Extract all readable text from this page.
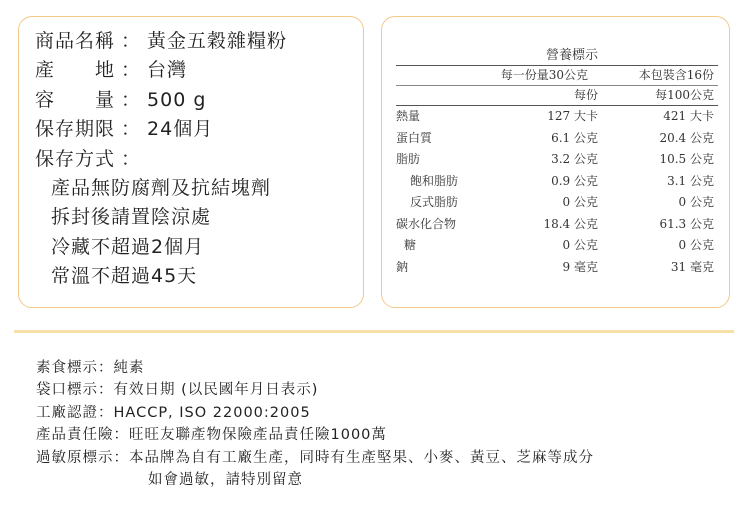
商品名稱 ： 黃金五穀雜糧粉
產　　地 ： 台灣
容　　量 ： 500 g
保存期限 ： 24個月
保存方式 ：
產品無防腐劑及抗結塊劑
拆封後請置陰涼處
冷藏不超過2個月
常溫不超過45天
營養標示
每一份量30公克	本包裝含16份
每份	每100公克
熱量	127 大卡	421 大卡
蛋白質	6.1 公克	20.4 公克
脂肪	3.2 公克	10.5 公克
飽和脂肪	0.9 公克	3.1 公克
反式脂肪	0 公克	0 公克
碳水化合物	18.4 公克	61.3 公克
糖	0 公克	0 公克
鈉	9 毫克	31 毫克
素食標示 ： 純素
袋口標示 ： 有效日期 (以民國年月日表示)
工廠認證 ： HACCP, ISO 22000:2005
產品責任險 ： 旺旺友聯產物保險產品責任險1000萬
過敏原標示 ： 本品牌為自有工廠生產，同時有生產堅果、小麥、黃豆、芝麻等成分
如會過敏，請特別留意
